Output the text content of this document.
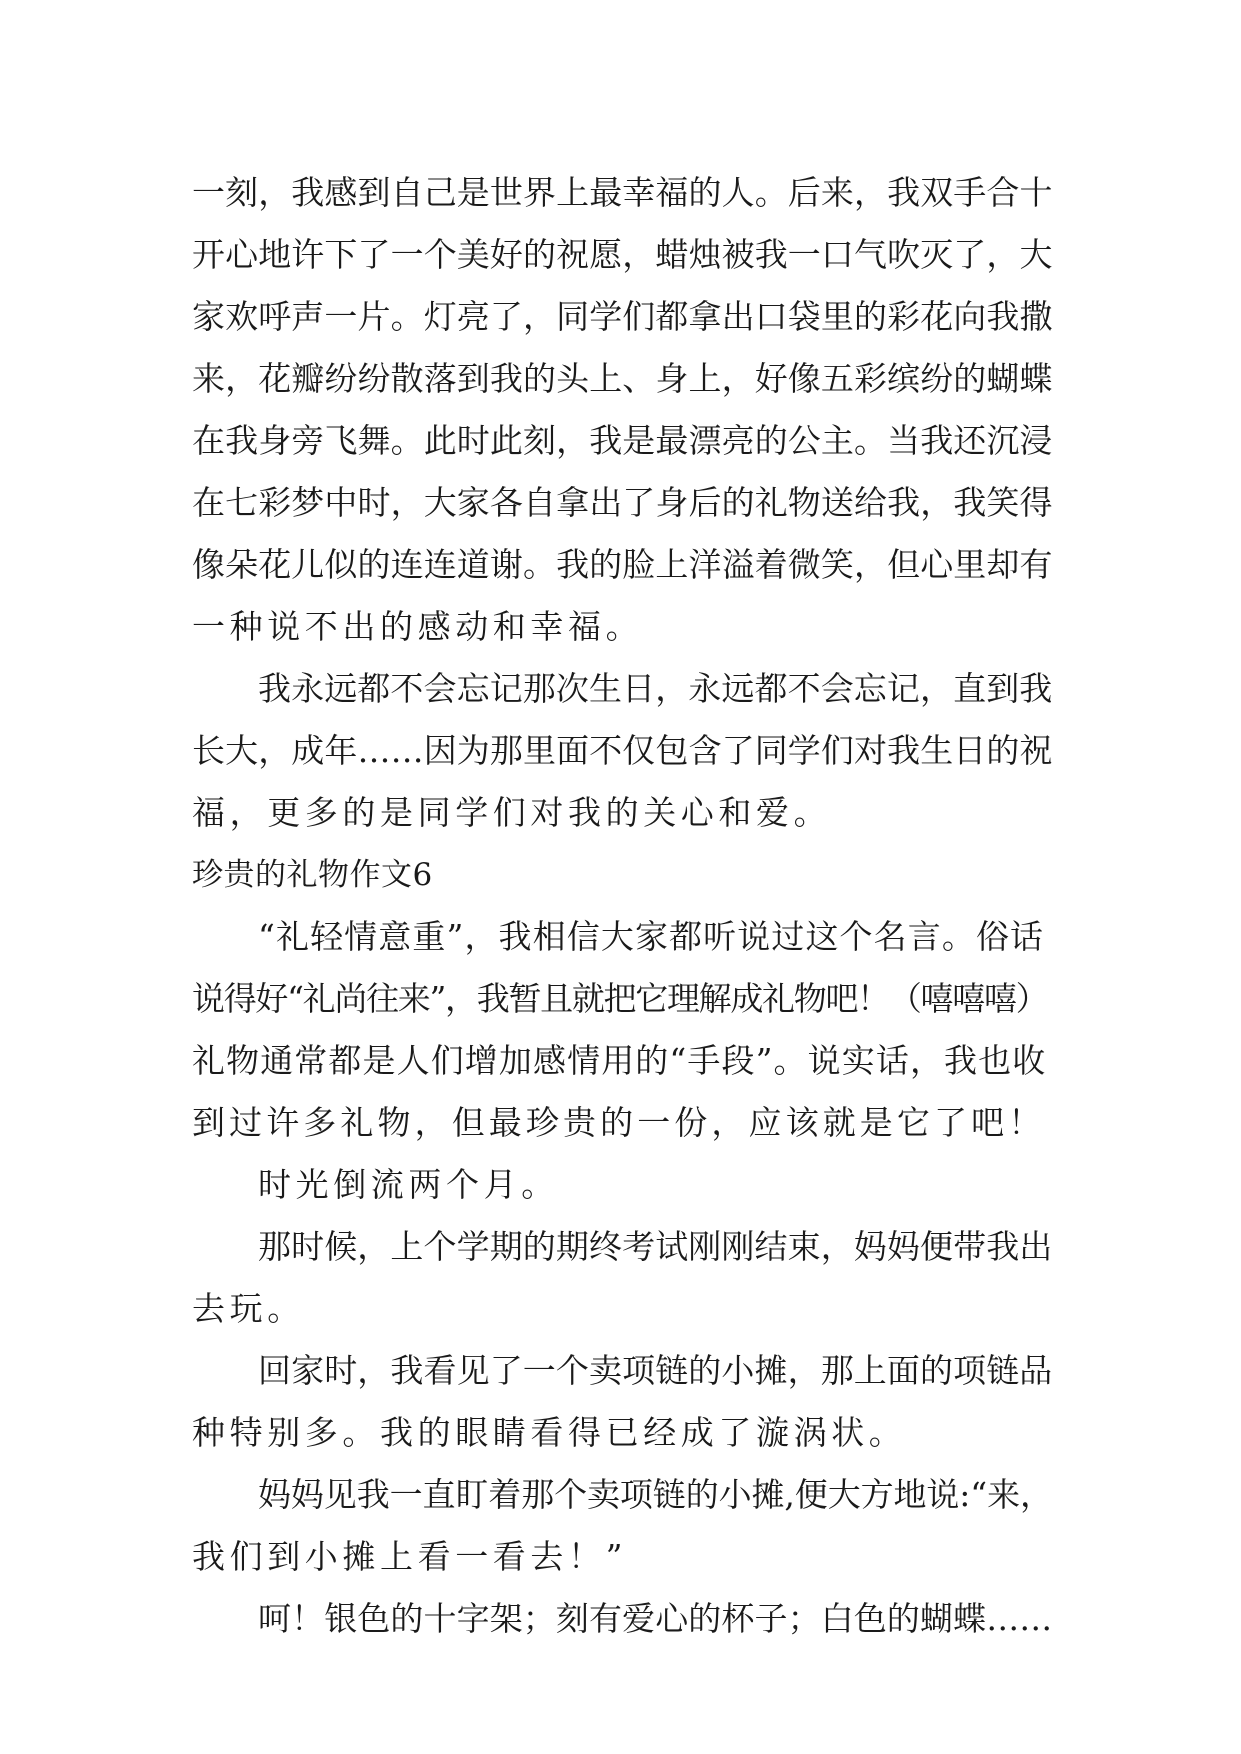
一刻，我感到自己是世界上最幸福的人。后来，我双手合十
开心地许下了一个美好的祝愿，蜡烛被我一口气吹灭了，大
家欢呼声一片。灯亮了，同学们都拿出口袋里的彩花向我撒
来，花瓣纷纷散落到我的头上、身上，好像五彩缤纷的蝴蝶
在我身旁飞舞。此时此刻，我是最漂亮的公主。当我还沉浸
在七彩梦中时，大家各自拿出了身后的礼物送给我，我笑得
像朵花儿似的连连道谢。我的脸上洋溢着微笑，但心里却有
一种说不出的感动和幸福。
我永远都不会忘记那次生日，永远都不会忘记，直到我
长大，成年……因为那里面不仅包含了同学们对我生日的祝
福，更多的是同学们对我的关心和爱。
珍贵的礼物作文6
“礼轻情意重”，我相信大家都听说过这个名言。俗话
说得好“礼尚往来”，我暂且就把它理解成礼物吧！（嘻嘻嘻）
礼物通常都是人们增加感情用的“手段”。说实话，我也收
到过许多礼物，但最珍贵的一份，应该就是它了吧！
时光倒流两个月。
那时候，上个学期的期终考试刚刚结束，妈妈便带我出
去玩。
回家时，我看见了一个卖项链的小摊，那上面的项链品
种特别多。我的眼睛看得已经成了漩涡状。
妈妈见我一直盯着那个卖项链的小摊,便大方地说:“来，
我们到小摊上看一看去！”
呵！银色的十字架；刻有爱心的杯子；白色的蝴蝶……
